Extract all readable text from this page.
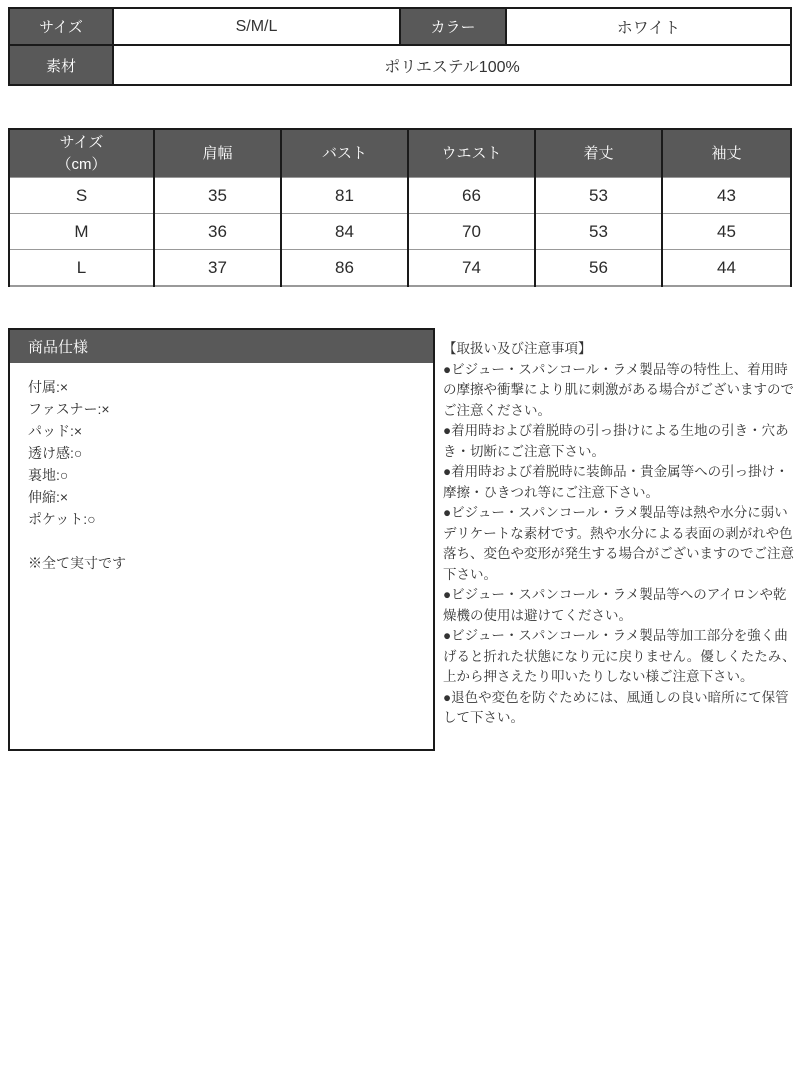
サイズ	S/M/L	カラー	ホワイト
素材	ポリエステル100%		
サイズ
（cm）	肩幅	バスト	ウエスト	着丈	袖丈
S	35	81	66	53	43
M	36	84	70	53	45
L	37	86	74	56	44
商品仕様
付属:×
ファスナー:×
パッド:×
透け感:○
裏地:○
伸縮:×
ポケット:○
※全て実寸です
【取扱い及び注意事項】
●ビジュー・スパンコール・ラメ製品等の特性上、着用時の摩擦や衝撃により肌に刺激がある場合がございますのでご注意ください。
●着用時および着脱時の引っ掛けによる生地の引き・穴あき・切断にご注意下さい。
●着用時および着脱時に装飾品・貴金属等への引っ掛け・摩擦・ひきつれ等にご注意下さい。
●ビジュー・スパンコール・ラメ製品等は熱や水分に弱いデリケートな素材です。熱や水分による表面の剥がれや色落ち、変色や変形が発生する場合がございますのでご注意下さい。
●ビジュー・スパンコール・ラメ製品等へのアイロンや乾燥機の使用は避けてください。
●ビジュー・スパンコール・ラメ製品等加工部分を強く曲げると折れた状態になり元に戻りません。優しくたたみ、上から押さえたり叩いたりしない様ご注意下さい。
●退色や変色を防ぐためには、風通しの良い暗所にて保管して下さい。
